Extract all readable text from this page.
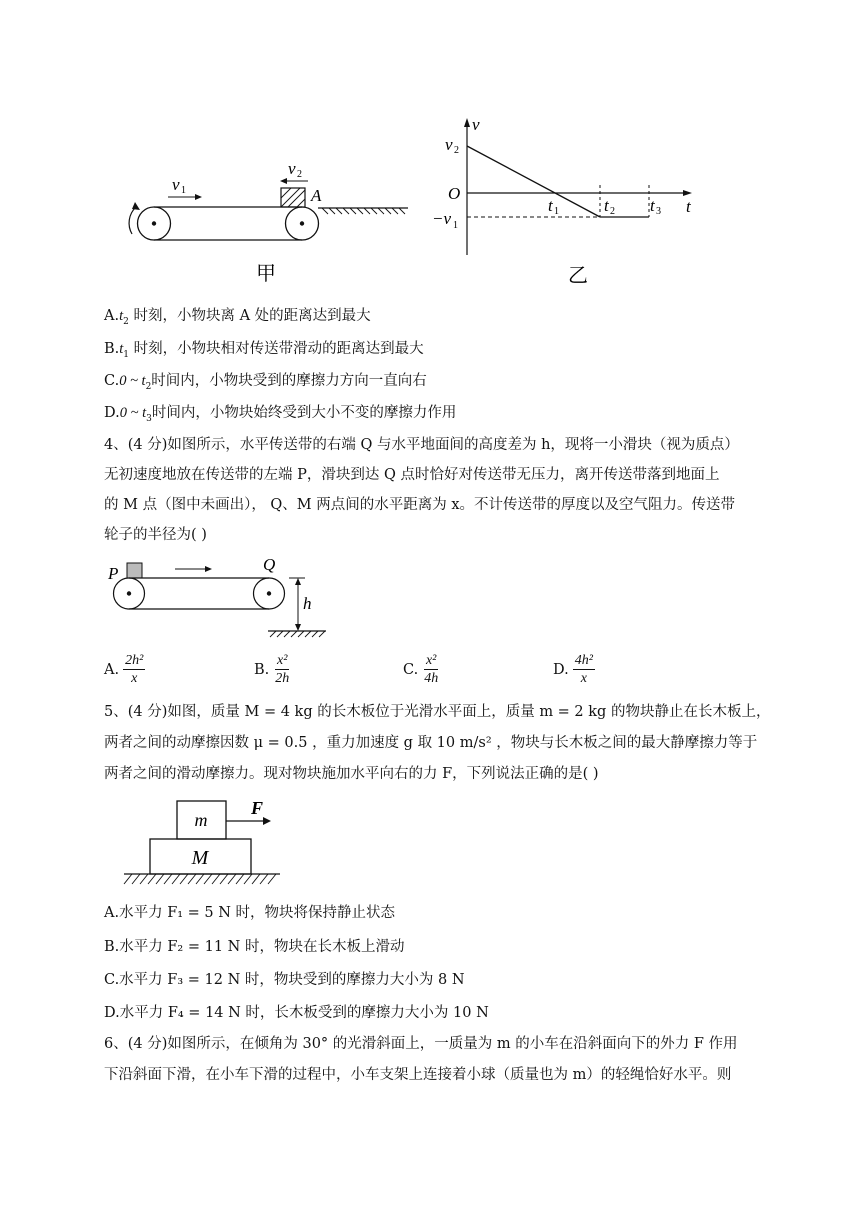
v 1
v 2
A
甲
v
t
O
v 2
−v 1
t 1	t 2 t 3
乙
$A.t_2$ 时刻，小物块离 A 处的距离达到最大
$B.t_1$ 时刻，小物块相对传送带滑动的距离达到最大
C.0 ~ $t_2$时间内，小物块受到的摩擦力方向一直向右
D.0 ~ $t_3$时间内，小物块始终受到大小不变的摩擦力作用
4、(4 分)如图所示，水平传送带的右端 Q 与水平地面间的高度差为 h，现将一小滑块（视为质点）
无初速度地放在传送带的左端 P，滑块到达 Q 点时恰好对传送带无压力，离开传送带落到地面上
的 M 点（图中未画出）， Q、M 两点间的水平距离为 x。不计传送带的厚度以及空气阻力。传送带
轮子的半径为( )
P	Q
h
A. $\frac{\text{2h²}}{x}$	B. $\frac{\text{x²}}{2h}$	C. $\frac{\text{x²}}{4h}$	D. $\frac{\text{4h²}}{x}$
5、(4 分)如图，质量 M = 4 kg 的长木板位于光滑水平面上，质量 m = 2 kg 的物块静止在长木板上，
两者之间的动摩擦因数 μ = 0.5 ，重力加速度 g 取 10 m/s² ，物块与长木板之间的最大静摩擦力等于
两者之间的滑动摩擦力。现对物块施加水平向右的力 F，下列说法正确的是( )
m
M
F
A.水平力 F₁ = 5 N 时，物块将保持静止状态
B.水平力 F₂ = 11 N 时，物块在长木板上滑动
C.水平力 F₃ = 12 N 时，物块受到的摩擦力大小为 8 N
D.水平力 F₄ = 14 N 时，长木板受到的摩擦力大小为 10 N
6、(4 分)如图所示，在倾角为 30° 的光滑斜面上，一质量为 m 的小车在沿斜面向下的外力 F 作用
下沿斜面下滑，在小车下滑的过程中，小车支架上连接着小球（质量也为 m）的轻绳恰好水平。则
